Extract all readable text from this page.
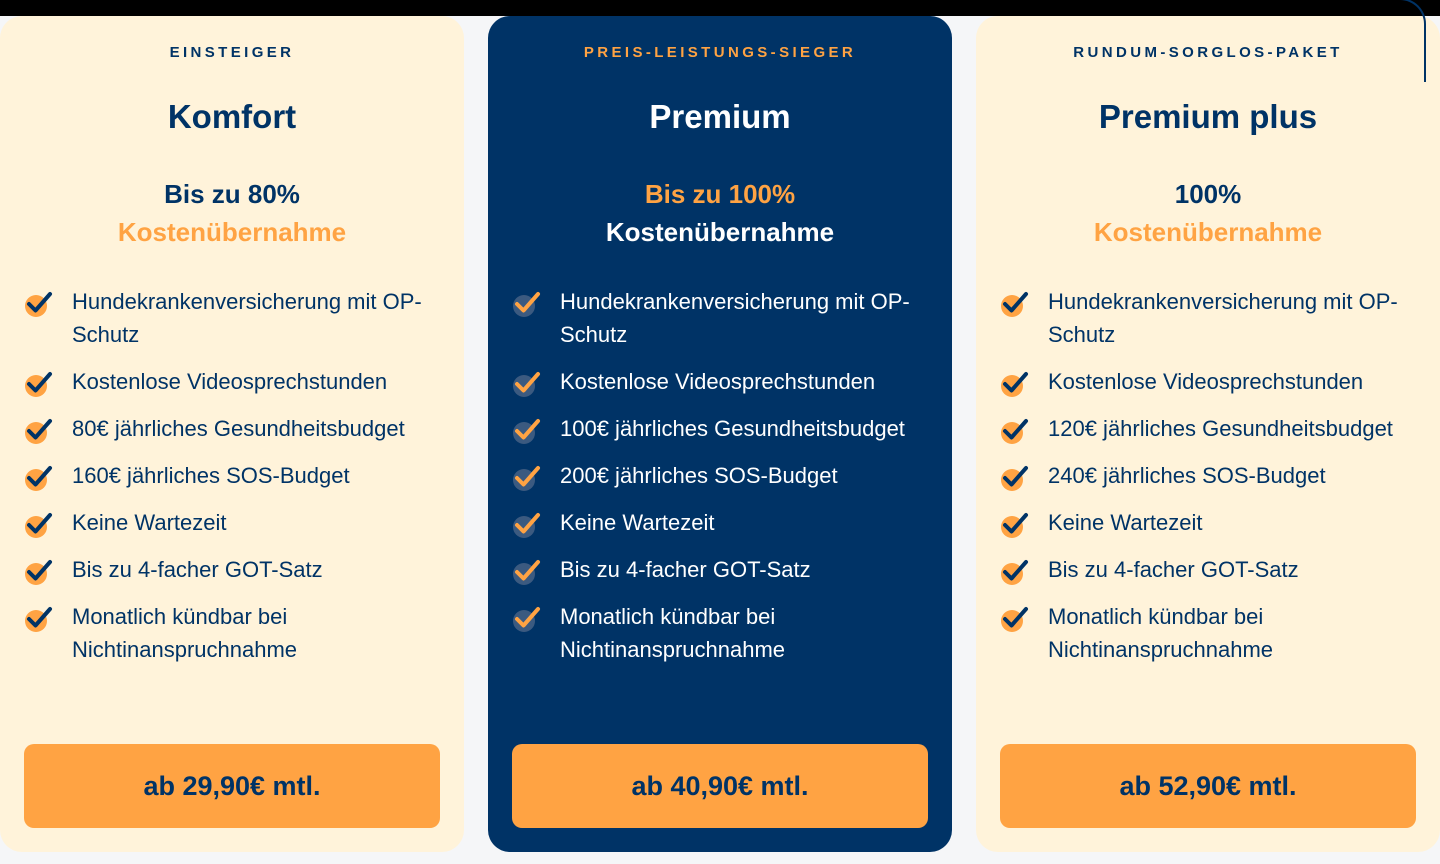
EINSTEIGER
Komfort
Bis zu 80%
Kostenübernahme
Hundekrankenversicherung mit OP-Schutz
Kostenlose Videosprechstunden
80€ jährliches Gesundheitsbudget
160€ jährliches SOS-Budget
Keine Wartezeit
Bis zu 4-facher GOT-Satz
Monatlich kündbar bei Nichtinanspruchnahme
ab 29,90€ mtl.
PREIS-LEISTUNGS-SIEGER
Premium
Bis zu 100%
Kostenübernahme
Hundekrankenversicherung mit OP-Schutz
Kostenlose Videosprechstunden
100€ jährliches Gesundheitsbudget
200€ jährliches SOS-Budget
Keine Wartezeit
Bis zu 4-facher GOT-Satz
Monatlich kündbar bei Nichtinanspruchnahme
ab 40,90€ mtl.
RUNDUM-SORGLOS-PAKET
Premium plus
100%
Kostenübernahme
Hundekrankenversicherung mit OP-Schutz
Kostenlose Videosprechstunden
120€ jährliches Gesundheitsbudget
240€ jährliches SOS-Budget
Keine Wartezeit
Bis zu 4-facher GOT-Satz
Monatlich kündbar bei Nichtinanspruchnahme
ab 52,90€ mtl.
